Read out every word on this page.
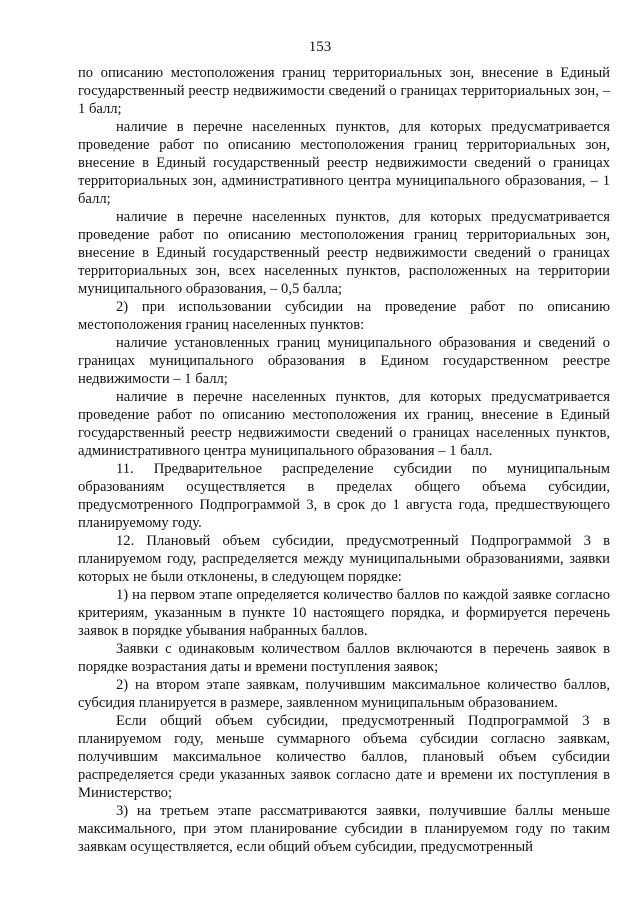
153

по описанию местоположения границ территориальных зон, внесение в Единый государственный реестр недвижимости сведений о границах территориальных зон, – 1 балл;

наличие в перечне населенных пунктов, для которых предусматривается проведение работ по описанию местоположения границ территориальных зон, внесение в Единый государственный реестр недвижимости сведений о границах территориальных зон, административного центра муниципального образования, – 1 балл;

наличие в перечне населенных пунктов, для которых предусматривается проведение работ по описанию местоположения границ территориальных зон, внесение в Единый государственный реестр недвижимости сведений о границах территориальных зон, всех населенных пунктов, расположенных на территории муниципального образования, – 0,5 балла;

2) при использовании субсидии на проведение работ по описанию местоположения границ населенных пунктов:

наличие установленных границ муниципального образования и сведений о границах муниципального образования в Едином государственном реестре недвижимости – 1 балл;

наличие в перечне населенных пунктов, для которых предусматривается проведение работ по описанию местоположения их границ, внесение в Единый государственный реестр недвижимости сведений о границах населенных пунктов, административного центра муниципального образования – 1 балл.

11. Предварительное распределение субсидии по муниципальным образованиям осуществляется в пределах общего объема субсидии, предусмотренного Подпрограммой 3, в срок до 1 августа года, предшествующего планируемому году.

12. Плановый объем субсидии, предусмотренный Подпрограммой 3 в планируемом году, распределяется между муниципальными образованиями, заявки которых не были отклонены, в следующем порядке:

1) на первом этапе определяется количество баллов по каждой заявке согласно критериям, указанным в пункте 10 настоящего порядка, и формируется перечень заявок в порядке убывания набранных баллов.

Заявки с одинаковым количеством баллов включаются в перечень заявок в порядке возрастания даты и времени поступления заявок;

2) на втором этапе заявкам, получившим максимальное количество баллов, субсидия планируется в размере, заявленном муниципальным образованием.

Если общий объем субсидии, предусмотренный Подпрограммой 3 в планируемом году, меньше суммарного объема субсидии согласно заявкам, получившим максимальное количество баллов, плановый объем субсидии распределяется среди указанных заявок согласно дате и времени их поступления в Министерство;

3) на третьем этапе рассматриваются заявки, получившие баллы меньше максимального, при этом планирование субсидии в планируемом году по таким заявкам осуществляется, если общий объем субсидии, предусмотренный
